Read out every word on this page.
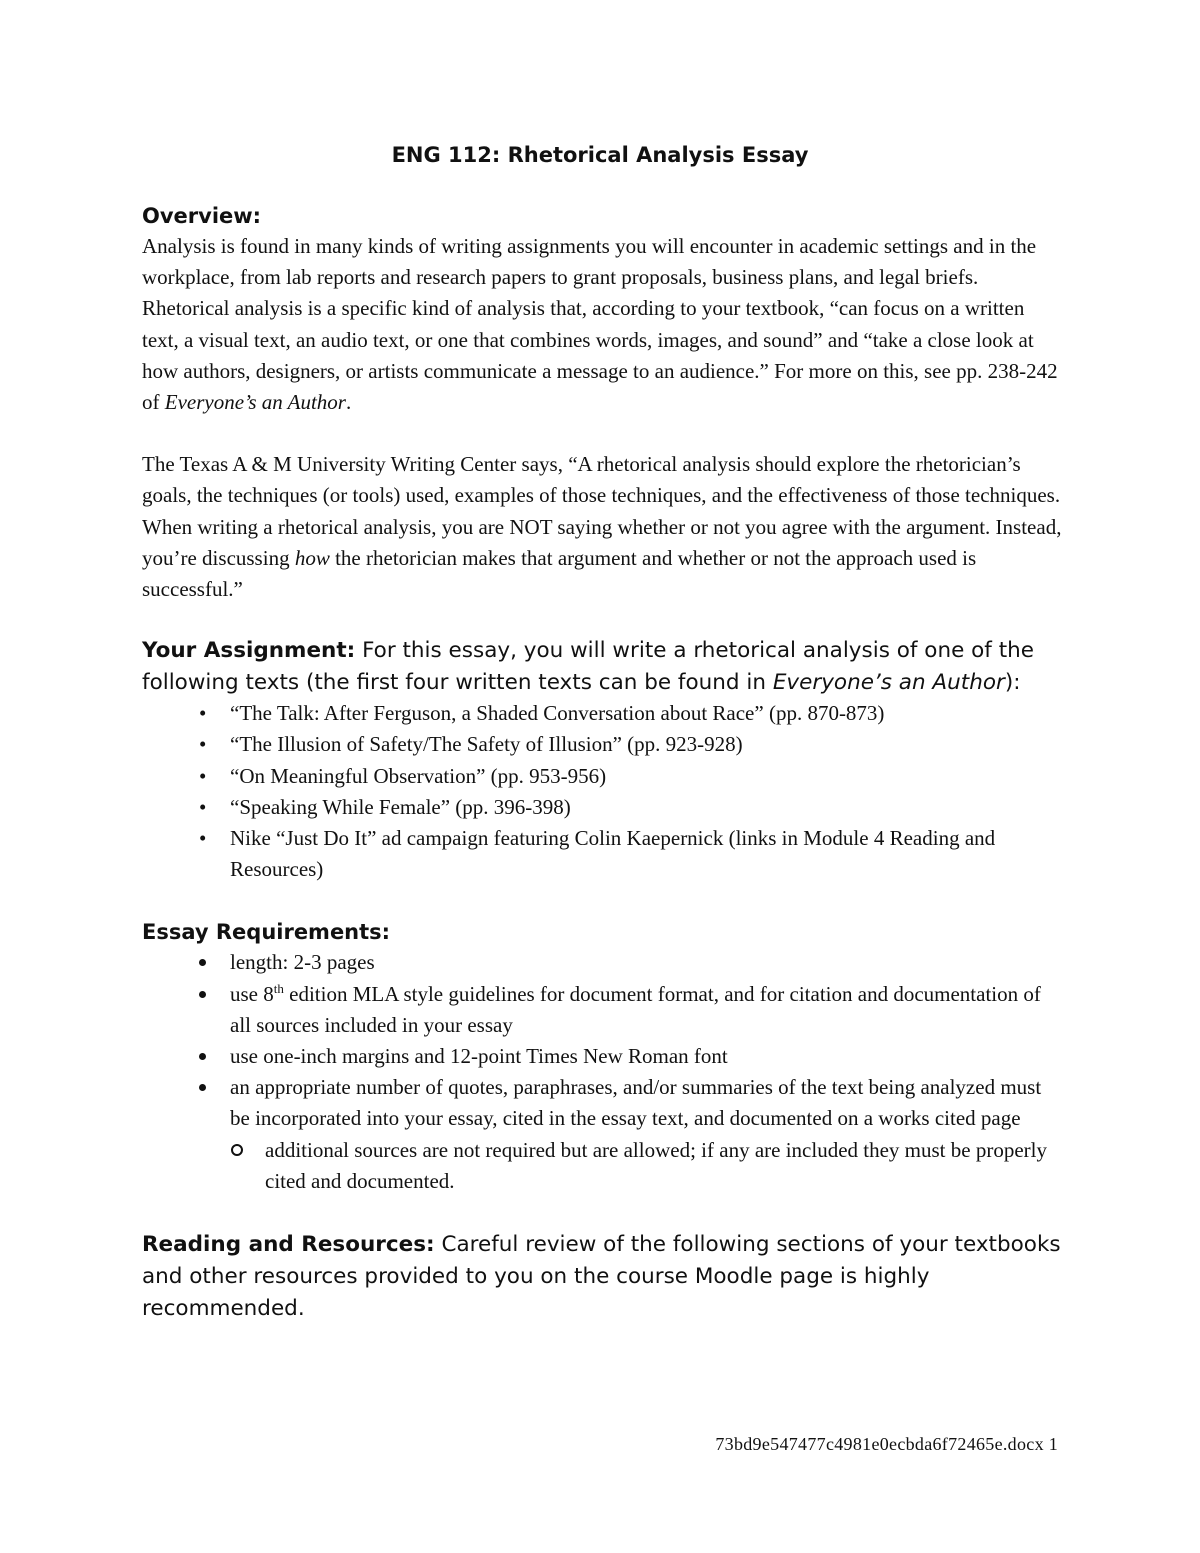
ENG 112: Rhetorical Analysis Essay
Overview:

Analysis is found in many kinds of writing assignments you will encounter in academic settings and in the workplace, from lab reports and research papers to grant proposals, business plans, and legal briefs. Rhetorical analysis is a specific kind of analysis that, according to your textbook, “can focus on a written text, a visual text, an audio text, or one that combines words, images, and sound” and “take a close look at how authors, designers, or artists communicate a message to an audience.” For more on this, see pp. 238-242 of Everyone’s an Author.

The Texas A & M University Writing Center says, “A rhetorical analysis should explore the rhetorician’s goals, the techniques (or tools) used, examples of those techniques, and the effectiveness of those techniques. When writing a rhetorical analysis, you are NOT saying whether or not you agree with the argument. Instead, you’re discussing how the rhetorician makes that argument and whether or not the approach used is successful.”

Your Assignment: For this essay, you will write a rhetorical analysis of one of the following texts (the first four written texts can be found in Everyone’s an Author):
• “The Talk: After Ferguson, a Shaded Conversation about Race” (pp. 870-873)
• “The Illusion of Safety/The Safety of Illusion” (pp. 923-928)
• “On Meaningful Observation” (pp. 953-956)
• “Speaking While Female” (pp. 396-398)
• Nike “Just Do It” ad campaign featuring Colin Kaepernick (links in Module 4 Reading and Resources)
Essay Requirements:
length: 2-3 pages
use 8th edition MLA style guidelines for document format, and for citation and documentation of all sources included in your essay
use one-inch margins and 12-point Times New Roman font
an appropriate number of quotes, paraphrases, and/or summaries of the text being analyzed must be incorporated into your essay, cited in the essay text, and documented on a works cited page
additional sources are not required but are allowed; if any are included they must be properly cited and documented.
Reading and Resources: Careful review of the following sections of your textbooks and other resources provided to you on the course Moodle page is highly recommended.
73bd9e547477c4981e0ecbda6f72465e.docx 1
